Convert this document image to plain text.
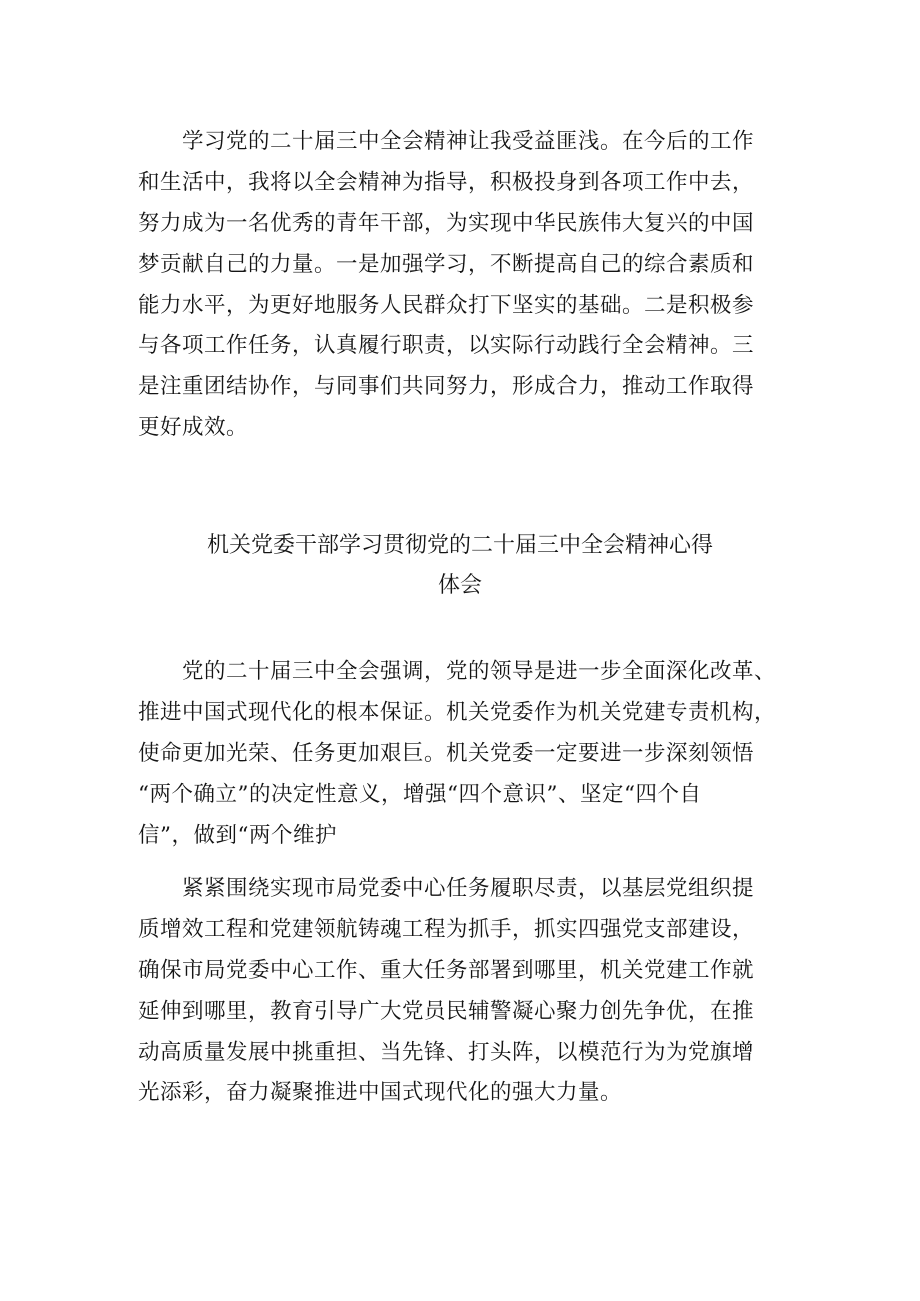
学习党的二十届三中全会精神让我受益匪浅。在今后的工作
和生活中，我将以全会精神为指导，积极投身到各项工作中去，
努力成为一名优秀的青年干部，为实现中华民族伟大复兴的中国
梦贡献自己的力量。一是加强学习，不断提高自己的综合素质和
能力水平，为更好地服务人民群众打下坚实的基础。二是积极参
与各项工作任务，认真履行职责，以实际行动践行全会精神。三
是注重团结协作，与同事们共同努力，形成合力，推动工作取得
更好成效。
机关党委干部学习贯彻党的二十届三中全会精神心得
体会
党的二十届三中全会强调，党的领导是进一步全面深化改革、
推进中国式现代化的根本保证。机关党委作为机关党建专责机构，
使命更加光荣、任务更加艰巨。机关党委一定要进一步深刻领悟
“两个确立”的决定性意义，增强“四个意识”、坚定“四个自
信”，做到“两个维护
紧紧围绕实现市局党委中心任务履职尽责，以基层党组织提
质增效工程和党建领航铸魂工程为抓手，抓实四强党支部建设，
确保市局党委中心工作、重大任务部署到哪里，机关党建工作就
延伸到哪里，教育引导广大党员民辅警凝心聚力创先争优，在推
动高质量发展中挑重担、当先锋、打头阵，以模范行为为党旗增
光添彩，奋力凝聚推进中国式现代化的强大力量。
